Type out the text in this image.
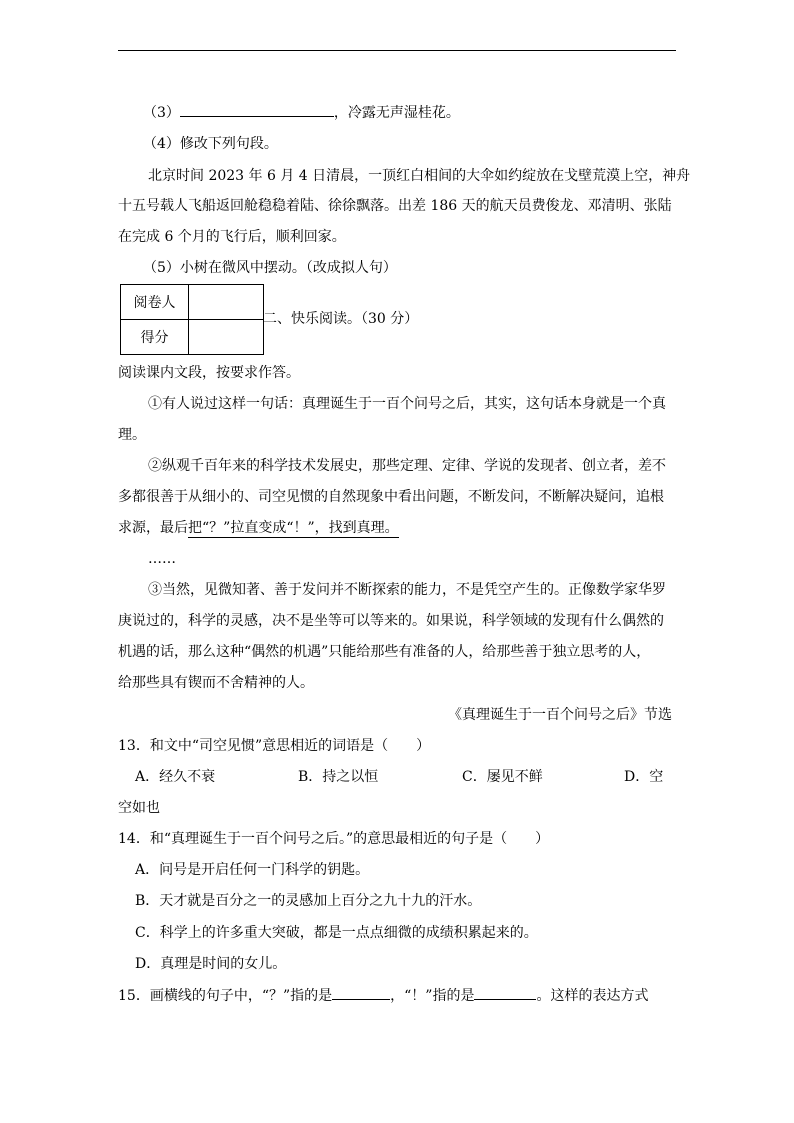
（3）	，冷露无声湿桂花。
（4）修改下列句段。
北京时间 2023 年 6 月 4 日清晨，一顶红白相间的大伞如约绽放在戈壁荒漠上空，神舟
十五号载人飞船返回舱稳稳着陆、徐徐飘落。出差 186 天的航天员费俊龙、邓清明、张陆
在完成 6 个月的飞行后，顺利回家。
（5）小树在微风中摆动。（改成拟人句）
阅卷人	
得分	
二、快乐阅读。（30 分）
阅读课内文段，按要求作答。
①有人说过这样一句话：真理诞生于一百个问号之后，其实，这句话本身就是一个真
理。
②纵观千百年来的科学技术发展史，那些定理、定律、学说的发现者、创立者，差不
多都很善于从细小的、司空见惯的自然现象中看出问题，不断发问，不断解决疑问，追根
求源，最后把“？”拉直变成“！”，找到真理。
……
③当然，见微知著、善于发问并不断探索的能力，不是凭空产生的。正像数学家华罗
庚说过的，科学的灵感，决不是坐等可以等来的。如果说，科学领域的发现有什么偶然的
机遇的话，那么这种“偶然的机遇”只能给那些有准备的人，给那些善于独立思考的人，
给那些具有锲而不舍精神的人。
《真理诞生于一百个问号之后》节选
13．和文中“司空见惯”意思相近的词语是（　　）
A．经久不衰	B．持之以恒	C．屡见不鲜	D．空
空如也
14．和“真理诞生于一百个问号之后。”的意思最相近的句子是（　　）
A．问号是开启任何一门科学的钥匙。
B．天才就是百分之一的灵感加上百分之九十九的汗水。
C．科学上的许多重大突破，都是一点点细微的成绩积累起来的。
D．真理是时间的女儿。
15．画横线的句子中，“？”指的是	，“！”指的是	。这样的表达方式
